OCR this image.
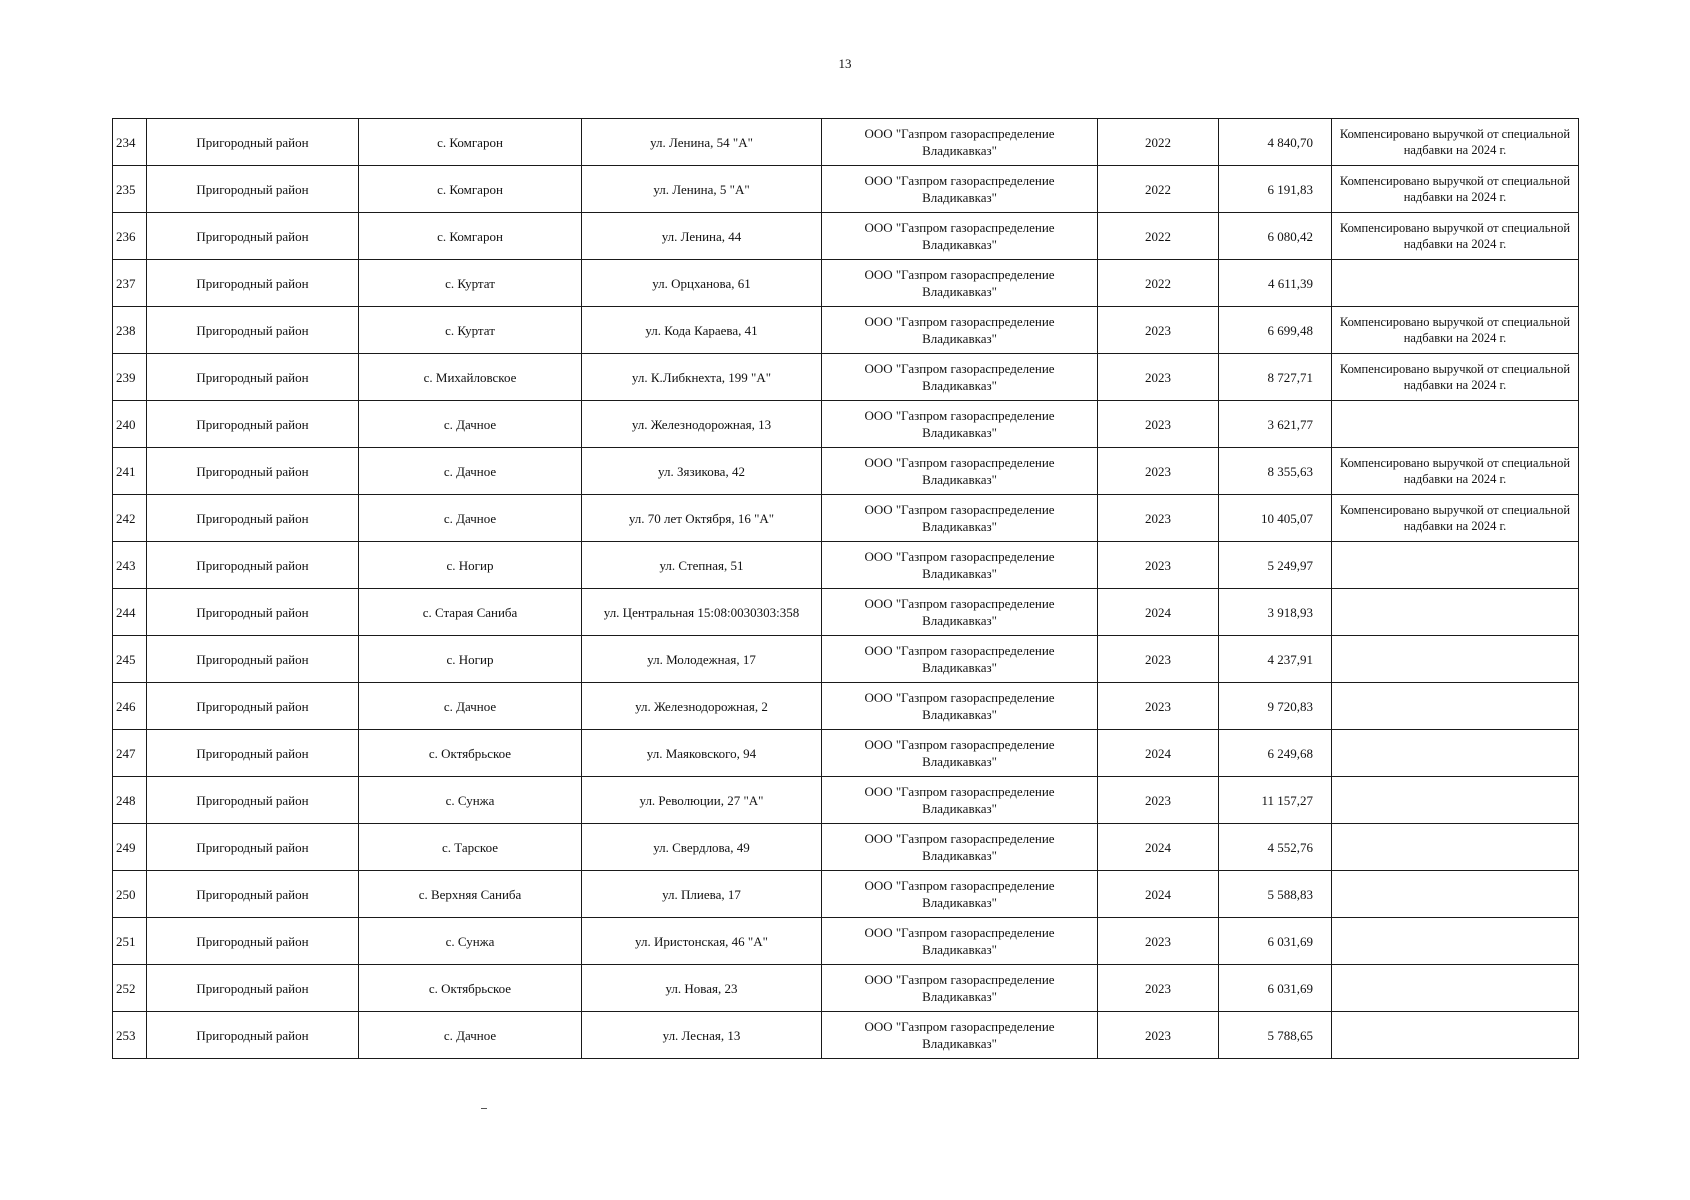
13
234	Пригородный район	с. Комгарон	ул. Ленина, 54 "А"	ООО "Газпром газораспределение Владикавказ"	2022	4 840,70	Компенсировано выручкой от специальной надбавки на 2024 г.
235	Пригородный район	с. Комгарон	ул. Ленина, 5 "А"	ООО "Газпром газораспределение Владикавказ"	2022	6 191,83	Компенсировано выручкой от специальной надбавки на 2024 г.
236	Пригородный район	с. Комгарон	ул. Ленина, 44	ООО "Газпром газораспределение Владикавказ"	2022	6 080,42	Компенсировано выручкой от специальной надбавки на 2024 г.
237	Пригородный район	с. Куртат	ул. Орцханова, 61	ООО "Газпром газораспределение Владикавказ"	2022	4 611,39	
238	Пригородный район	с. Куртат	ул. Кода Караева, 41	ООО "Газпром газораспределение Владикавказ"	2023	6 699,48	Компенсировано выручкой от специальной надбавки на 2024 г.
239	Пригородный район	с. Михайловское	ул. К.Либкнехта, 199 "А"	ООО "Газпром газораспределение Владикавказ"	2023	8 727,71	Компенсировано выручкой от специальной надбавки на 2024 г.
240	Пригородный район	с. Дачное	ул. Железнодорожная, 13	ООО "Газпром газораспределение Владикавказ"	2023	3 621,77	
241	Пригородный район	с. Дачное	ул. Зязикова, 42	ООО "Газпром газораспределение Владикавказ"	2023	8 355,63	Компенсировано выручкой от специальной надбавки на 2024 г.
242	Пригородный район	с. Дачное	ул. 70 лет Октября, 16 "А"	ООО "Газпром газораспределение Владикавказ"	2023	10 405,07	Компенсировано выручкой от специальной надбавки на 2024 г.
243	Пригородный район	с. Ногир	ул. Степная, 51	ООО "Газпром газораспределение Владикавказ"	2023	5 249,97	
244	Пригородный район	с. Старая Саниба	ул. Центральная 15:08:0030303:358	ООО "Газпром газораспределение Владикавказ"	2024	3 918,93	
245	Пригородный район	с. Ногир	ул. Молодежная, 17	ООО "Газпром газораспределение Владикавказ"	2023	4 237,91	
246	Пригородный район	с. Дачное	ул. Железнодорожная, 2	ООО "Газпром газораспределение Владикавказ"	2023	9 720,83	
247	Пригородный район	с. Октябрьское	ул. Маяковского, 94	ООО "Газпром газораспределение Владикавказ"	2024	6 249,68	
248	Пригородный район	с. Сунжа	ул. Революции, 27 "А"	ООО "Газпром газораспределение Владикавказ"	2023	11 157,27	
249	Пригородный район	с. Тарское	ул. Свердлова, 49	ООО "Газпром газораспределение Владикавказ"	2024	4 552,76	
250	Пригородный район	с. Верхняя Саниба	ул. Плиева, 17	ООО "Газпром газораспределение Владикавказ"	2024	5 588,83	
251	Пригородный район	с. Сунжа	ул. Иристонская, 46 "А"	ООО "Газпром газораспределение Владикавказ"	2023	6 031,69	
252	Пригородный район	с. Октябрьское	ул. Новая, 23	ООО "Газпром газораспределение Владикавказ"	2023	6 031,69	
253	Пригородный район	с. Дачное	ул. Лесная, 13	ООО "Газпром газораспределение Владикавказ"	2023	5 788,65	
